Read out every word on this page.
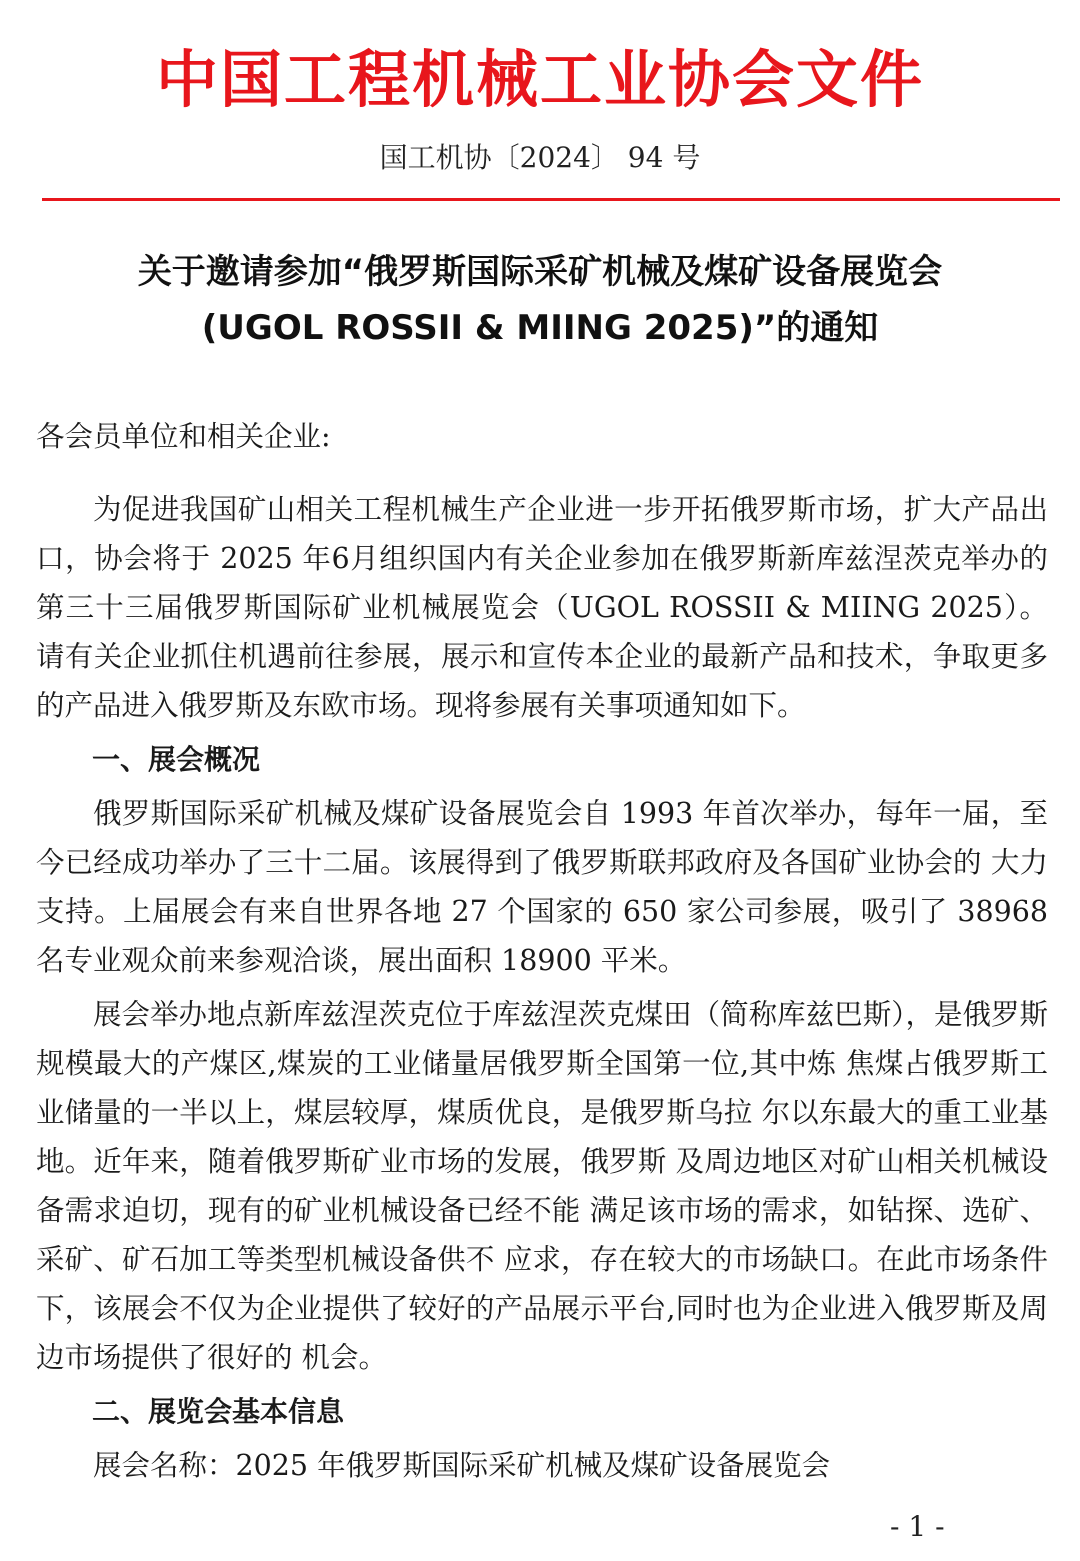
中国工程机械工业协会文件
国工机协〔2024〕 94 号
关于邀请参加“俄罗斯国际采矿机械及煤矿设备展览会
(UGOL ROSSII & MIING 2025)”的通知

各会员单位和相关企业:

为促进我国矿山相关工程机械生产企业进一步开拓俄罗斯市场，扩大产品出口，协会将于 2025 年6月组织国内有关企业参加在俄罗斯新库兹涅茨克举办的第三十三届俄罗斯国际矿业机械展览会（UGOL ROSSII & MIING 2025）。请有关企业抓住机遇前往参展，展示和宣传本企业的最新产品和技术，争取更多的产品进入俄罗斯及东欧市场。现将参展有关事项通知如下。

一、展会概况

俄罗斯国际采矿机械及煤矿设备展览会自 1993 年首次举办，每年一届，至 今已经成功举办了三十二届。该展得到了俄罗斯联邦政府及各国矿业协会的 大力支持。上届展会有来自世界各地 27 个国家的 650 家公司参展，吸引了 38968 名专业观众前来参观洽谈，展出面积 18900 平米。

展会举办地点新库兹涅茨克位于库兹涅茨克煤田（简称库兹巴斯），是俄罗斯规模最大的产煤区,煤炭的工业储量居俄罗斯全国第一位,其中炼 焦煤占俄罗斯工业储量的一半以上，煤层较厚，煤质优良，是俄罗斯乌拉 尔以东最大的重工业基地。近年来，随着俄罗斯矿业市场的发展，俄罗斯 及周边地区对矿山相关机械设备需求迫切，现有的矿业机械设备已经不能 满足该市场的需求，如钻探、选矿、采矿、矿石加工等类型机械设备供不 应求，存在较大的市场缺口。在此市场条件下，该展会不仅为企业提供了较好的产品展示平台,同时也为企业进入俄罗斯及周边市场提供了很好的 机会。

二、展览会基本信息

展会名称：2025 年俄罗斯国际采矿机械及煤矿设备展览会

- 1 -
